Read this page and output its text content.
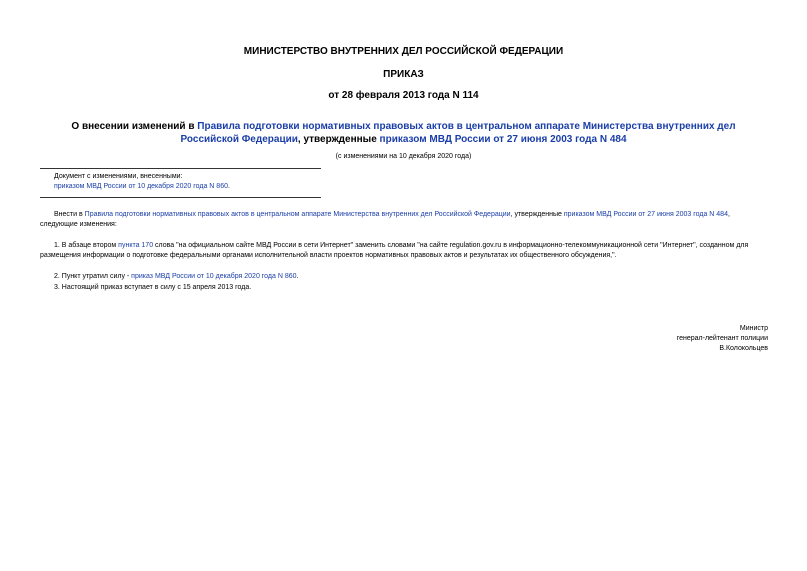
МИНИСТЕРСТВО ВНУТРЕННИХ ДЕЛ РОССИЙСКОЙ ФЕДЕРАЦИИ
ПРИКАЗ
от 28 февраля 2013 года N 114
О внесении изменений в Правила подготовки нормативных правовых актов в центральном аппарате Министерства внутренних дел Российской Федерации, утвержденные приказом МВД России от 27 июня 2003 года N 484
(с изменениями на 10 декабря 2020 года)
Документ с изменениями, внесенными:
приказом МВД России от 10 декабря 2020 года N 860.
Внести в Правила подготовки нормативных правовых актов в центральном аппарате Министерства внутренних дел Российской Федерации, утвержденные приказом МВД России от 27 июня 2003 года N 484, следующие изменения:
1. В абзаце втором пункта 170 слова "на официальном сайте МВД России в сети Интернет" заменить словами "на сайте regulation.gov.ru в информационно-телекоммуникационной сети "Интернет", созданном для размещения информации о подготовке федеральными органами исполнительной власти проектов нормативных правовых актов и результатах их общественного обсуждения,".
2. Пункт утратил силу - приказ МВД России от 10 декабря 2020 года N 860.
3. Настоящий приказ вступает в силу с 15 апреля 2013 года.
Министр
генерал-лейтенант полиции
В.Колокольцев
